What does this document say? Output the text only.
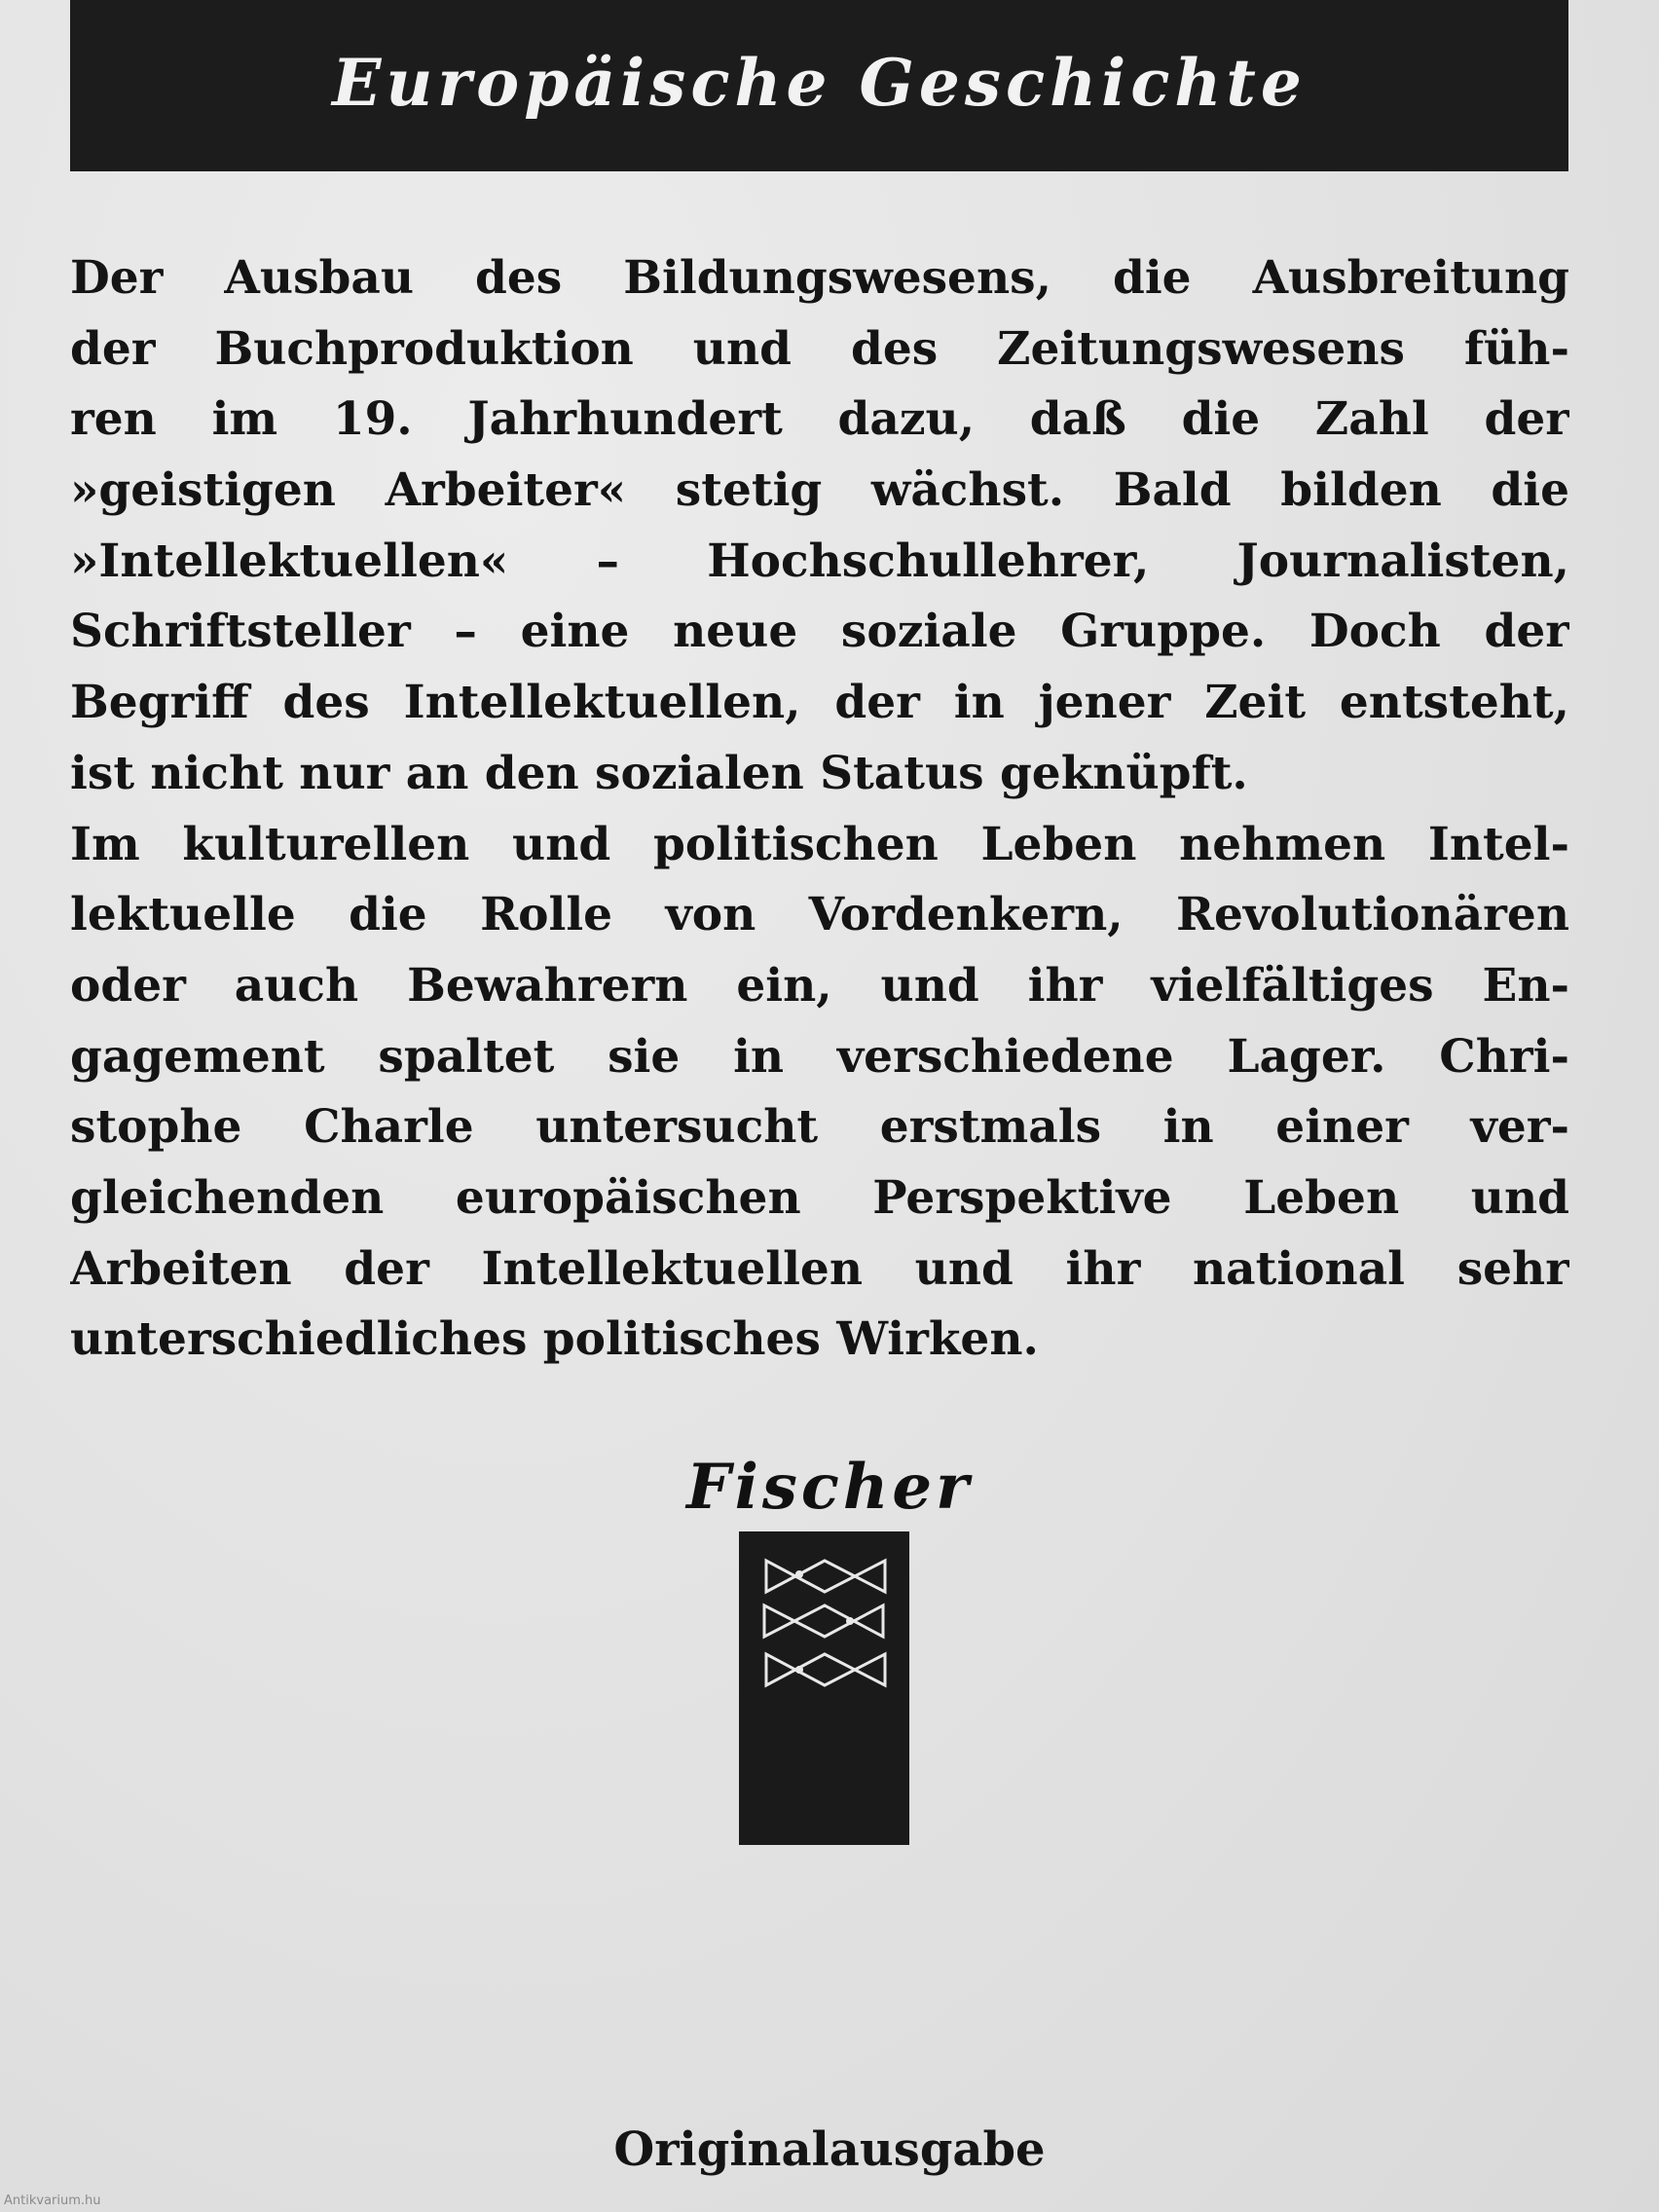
Europäische Geschichte
Der Ausbau des Bildungswesens, die Ausbreitung
der Buchproduktion und des Zeitungswesens füh-
ren im 19. Jahrhundert dazu, daß die Zahl der
»geistigen Arbeiter« stetig wächst. Bald bilden die
»Intellektuellen« – Hochschullehrer, Journalisten,
Schriftsteller – eine neue soziale Gruppe. Doch der
Begriff des Intellektuellen, der in jener Zeit entsteht,
ist nicht nur an den sozialen Status geknüpft.
Im kulturellen und politischen Leben nehmen Intel-
lektuelle die Rolle von Vordenkern, Revolutionären
oder auch Bewahrern ein, und ihr vielfältiges En-
gagement spaltet sie in verschiedene Lager. Chri-
stophe Charle untersucht erstmals in einer ver-
gleichenden europäischen Perspektive Leben und
Arbeiten der Intellektuellen und ihr national sehr
unterschiedliches politisches Wirken.
Fischer
Originalausgabe
Antikvarium.hu
